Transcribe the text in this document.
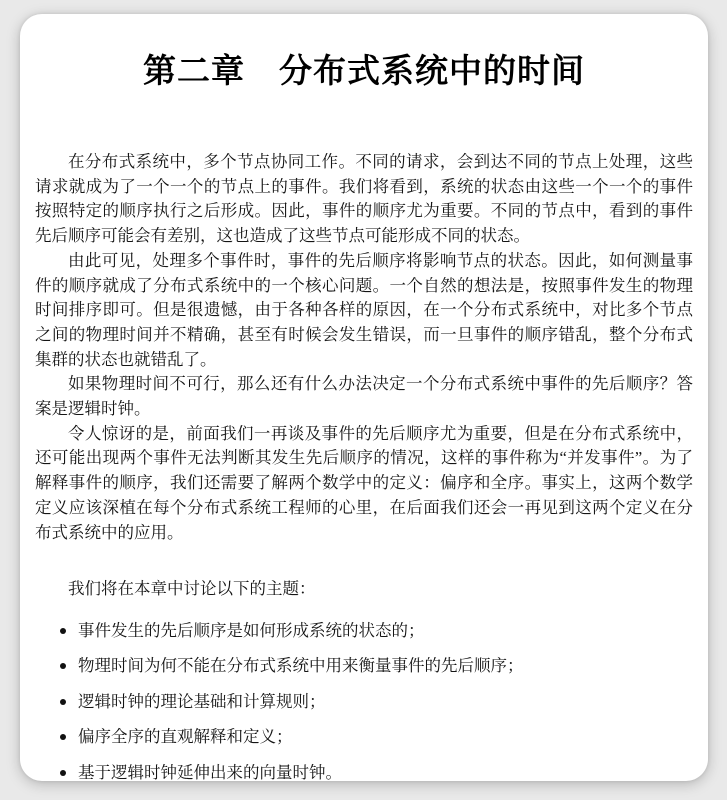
第二章　分布式系统中的时间

在分布式系统中，多个节点协同工作。不同的请求，会到达不同的节点上处理，这些请求就成为了一个一个的节点上的事件。我们将看到，系统的状态由这些一个一个的事件按照特定的顺序执行之后形成。因此，事件的顺序尤为重要。不同的节点中，看到的事件先后顺序可能会有差别，这也造成了这些节点可能形成不同的状态。

由此可见，处理多个事件时，事件的先后顺序将影响节点的状态。因此，如何测量事件的顺序就成了分布式系统中的一个核心问题。一个自然的想法是，按照事件发生的物理时间排序即可。但是很遗憾，由于各种各样的原因，在一个分布式系统中，对比多个节点之间的物理时间并不精确，甚至有时候会发生错误，而一旦事件的顺序错乱，整个分布式集群的状态也就错乱了。

如果物理时间不可行，那么还有什么办法决定一个分布式系统中事件的先后顺序？答案是逻辑时钟。

令人惊讶的是，前面我们一再谈及事件的先后顺序尤为重要，但是在分布式系统中，还可能出现两个事件无法判断其发生先后顺序的情况，这样的事件称为“并发事件”。为了解释事件的顺序，我们还需要了解两个数学中的定义：偏序和全序。事实上，这两个数学定义应该深植在每个分布式系统工程师的心里，在后面我们还会一再见到这两个定义在分布式系统中的应用。

我们将在本章中讨论以下的主题：

事件发生的先后顺序是如何形成系统的状态的；
物理时间为何不能在分布式系统中用来衡量事件的先后顺序；
逻辑时钟的理论基础和计算规则；
偏序全序的直观解释和定义；
基于逻辑时钟延伸出来的向量时钟。
